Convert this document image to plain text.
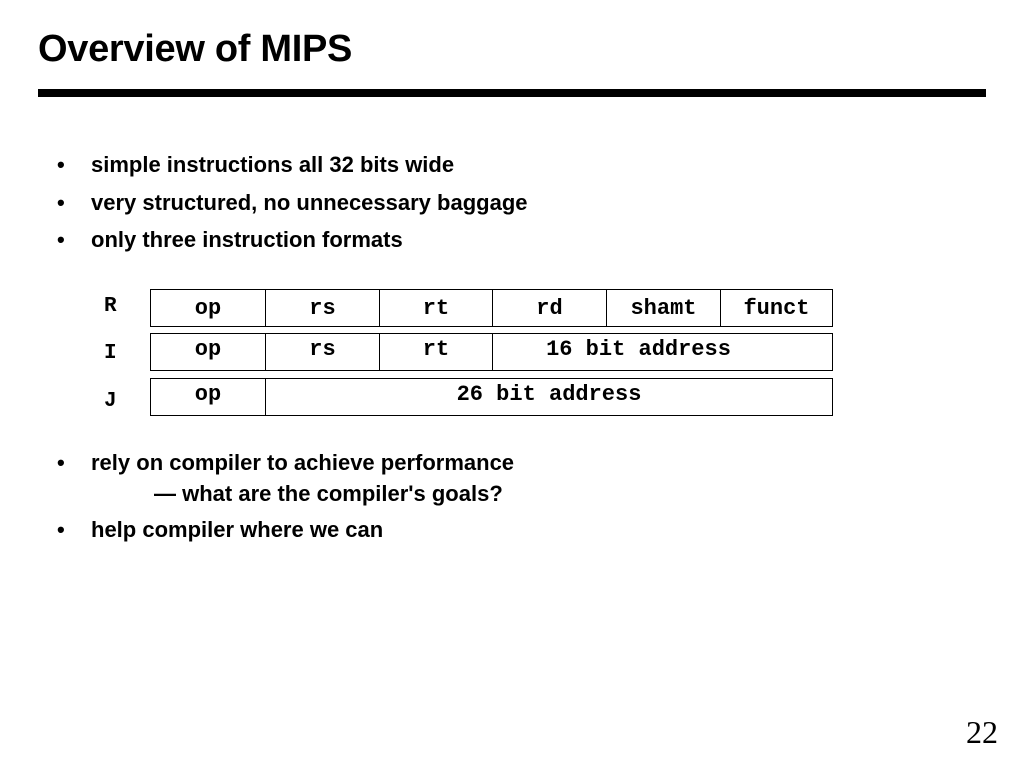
Overview of MIPS
• simple instructions all 32 bits wide
• very structured, no unnecessary baggage
• only three instruction formats
R	op	rs	rt	rd	shamt	funct
I	op	rs	rt	16 bit address
J	op	26 bit address
• rely on compiler to achieve performance
— what are the compiler's goals?
• help compiler where we can
22
